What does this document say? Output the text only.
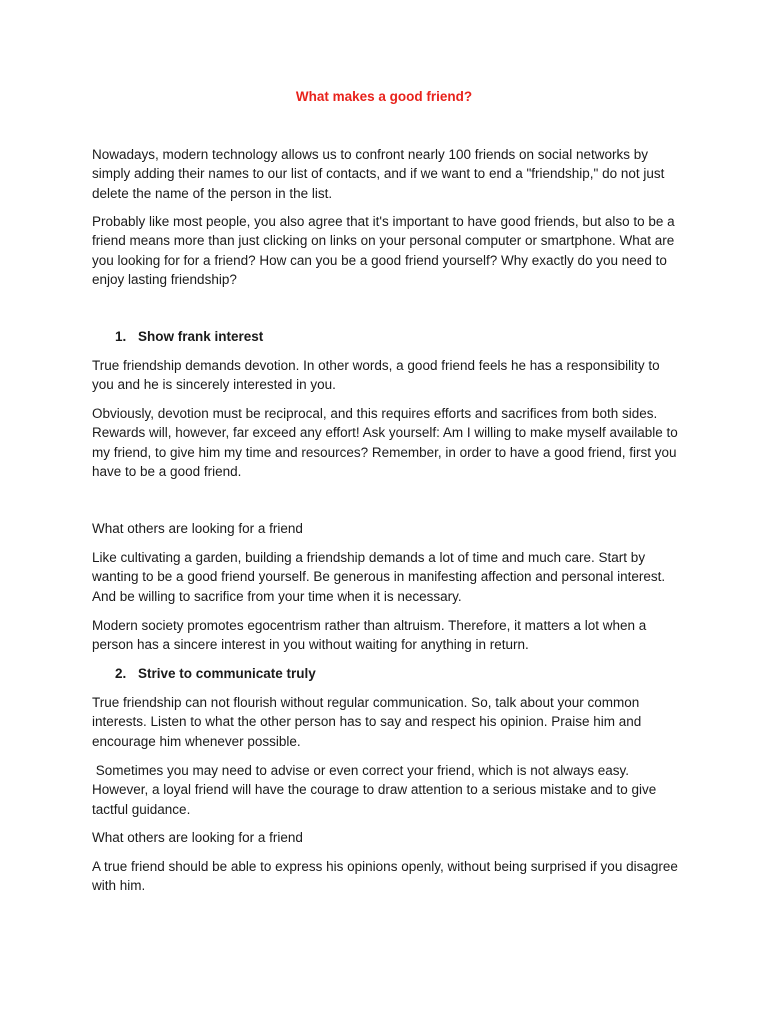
What makes a good friend?

Nowadays, modern technology allows us to confront nearly 100 friends on social networks by simply adding their names to our list of contacts, and if we want to end a "friendship," do not just delete the name of the person in the list.

Probably like most people, you also agree that it's important to have good friends, but also to be a friend means more than just clicking on links on your personal computer or smartphone. What are you looking for for a friend? How can you be a good friend yourself? Why exactly do you need to enjoy lasting friendship?

1. Show frank interest

True friendship demands devotion. In other words, a good friend feels he has a responsibility to you and he is sincerely interested in you.

Obviously, devotion must be reciprocal, and this requires efforts and sacrifices from both sides. Rewards will, however, far exceed any effort! Ask yourself: Am I willing to make myself available to my friend, to give him my time and resources? Remember, in order to have a good friend, first you have to be a good friend.

What others are looking for a friend

Like cultivating a garden, building a friendship demands a lot of time and much care. Start by wanting to be a good friend yourself. Be generous in manifesting affection and personal interest. And be willing to sacrifice from your time when it is necessary.

Modern society promotes egocentrism rather than altruism. Therefore, it matters a lot when a person has a sincere interest in you without waiting for anything in return.

2. Strive to communicate truly

True friendship can not flourish without regular communication. So, talk about your common interests. Listen to what the other person has to say and respect his opinion. Praise him and encourage him whenever possible.

Sometimes you may need to advise or even correct your friend, which is not always easy. However, a loyal friend will have the courage to draw attention to a serious mistake and to give tactful guidance.

What others are looking for a friend

A true friend should be able to express his opinions openly, without being surprised if you disagree with him.
